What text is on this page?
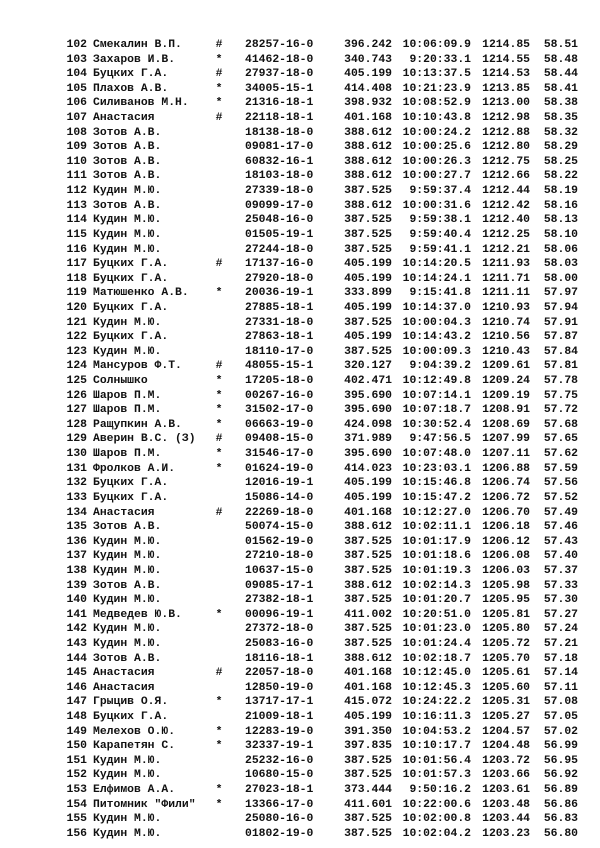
102 Смекалин В.П.	#	28257-16-0	396.242 10:06:09.9 1214.85	58.51
103 Захаров И.В.	*	41462-18-0	340.743	9:20:33.1 1214.55	58.48
104 Буцких Г.А.	#	27937-18-0	405.199 10:13:37.5 1214.53	58.44
105 Плахов А.В.	*	34005-15-1	414.408 10:21:23.9 1213.85	58.41
106 Силиванов М.Н.	*	21316-18-1	398.932 10:08:52.9 1213.00	58.38
107 Анастасия	#	22118-18-1	401.168 10:10:43.8 1212.98	58.35
108 Зотов А.В.	18138-18-0	388.612 10:00:24.2 1212.88	58.32
109 Зотов А.В.	09081-17-0	388.612 10:00:25.6 1212.80	58.29
110 Зотов А.В.	60832-16-1	388.612 10:00:26.3 1212.75	58.25
111 Зотов А.В.	18103-18-0	388.612 10:00:27.7 1212.66	58.22
112 Кудин М.Ю.	27339-18-0	387.525	9:59:37.4 1212.44	58.19
113 Зотов А.В.	09099-17-0	388.612 10:00:31.6 1212.42	58.16
114 Кудин М.Ю.	25048-16-0	387.525	9:59:38.1 1212.40	58.13
115 Кудин М.Ю.	01505-19-1	387.525	9:59:40.4 1212.25	58.10
116 Кудин М.Ю.	27244-18-0	387.525	9:59:41.1 1212.21	58.06
117 Буцких Г.А.	#	17137-16-0	405.199 10:14:20.5 1211.93	58.03
118 Буцких Г.А.	27920-18-0	405.199 10:14:24.1 1211.71	58.00
119 Матюшенко А.В.	*	20036-19-1	333.899	9:15:41.8 1211.11	57.97
120 Буцких Г.А.	27885-18-1	405.199 10:14:37.0 1210.93	57.94
121 Кудин М.Ю.	27331-18-0	387.525 10:00:04.3 1210.74	57.91
122 Буцких Г.А.	27863-18-1	405.199 10:14:43.2 1210.56	57.87
123 Кудин М.Ю.	18110-17-0	387.525 10:00:09.3 1210.43	57.84
124 Мансуров Ф.Т.	#	48055-15-1	320.127	9:04:39.2 1209.61	57.81
125 Солнышко	*	17205-18-0	402.471 10:12:49.8 1209.24	57.78
126 Шаров П.М.	*	00267-16-0	395.690 10:07:14.1 1209.19	57.75
127 Шаров П.М.	*	31502-17-0	395.690 10:07:18.7 1208.91	57.72
128 Ращупкин А.В.	*	06663-19-0	424.098 10:30:52.4 1208.69	57.68
129 Аверин В.С. (З)	#	09408-15-0	371.989	9:47:56.5 1207.99	57.65
130 Шаров П.М.	*	31546-17-0	395.690 10:07:48.0 1207.11	57.62
131 Фролков А.И.	*	01624-19-0	414.023 10:23:03.1 1206.88	57.59
132 Буцких Г.А.	12016-19-1	405.199 10:15:46.8 1206.74	57.56
133 Буцких Г.А.	15086-14-0	405.199 10:15:47.2 1206.72	57.52
134 Анастасия	#	22269-18-0	401.168 10:12:27.0 1206.70	57.49
135 Зотов А.В.	50074-15-0	388.612 10:02:11.1 1206.18	57.46
136 Кудин М.Ю.	01562-19-0	387.525 10:01:17.9 1206.12	57.43
137 Кудин М.Ю.	27210-18-0	387.525 10:01:18.6 1206.08	57.40
138 Кудин М.Ю.	10637-15-0	387.525 10:01:19.3 1206.03	57.37
139 Зотов А.В.	09085-17-1	388.612 10:02:14.3 1205.98	57.33
140 Кудин М.Ю.	27382-18-1	387.525 10:01:20.7 1205.95	57.30
141 Медведев Ю.В.	*	00096-19-1	411.002 10:20:51.0 1205.81	57.27
142 Кудин М.Ю.	27372-18-0	387.525 10:01:23.0 1205.80	57.24
143 Кудин М.Ю.	25083-16-0	387.525 10:01:24.4 1205.72	57.21
144 Зотов А.В.	18116-18-1	388.612 10:02:18.7 1205.70	57.18
145 Анастасия	#	22057-18-0	401.168 10:12:45.0 1205.61	57.14
146 Анастасия	12850-19-0	401.168 10:12:45.3 1205.60	57.11
147 Грыцив О.Я.	*	13717-17-1	415.072 10:24:22.2 1205.31	57.08
148 Буцких Г.А.	21009-18-1	405.199 10:16:11.3 1205.27	57.05
149 Мелехов О.Ю.	*	12283-19-0	391.350 10:04:53.2 1204.57	57.02
150 Карапетян С.	*	32337-19-1	397.835 10:10:17.7 1204.48	56.99
151 Кудин М.Ю.	25232-16-0	387.525 10:01:56.4 1203.72	56.95
152 Кудин М.Ю.	10680-15-0	387.525 10:01:57.3 1203.66	56.92
153 Елфимов А.А.	*	27023-18-1	373.444	9:50:16.2 1203.61	56.89
154 Питомник "Фили"	*	13366-17-0	411.601 10:22:00.6 1203.48	56.86
155 Кудин М.Ю.	25080-16-0	387.525 10:02:00.8 1203.44	56.83
156 Кудин М.Ю.	01802-19-0	387.525 10:02:04.2 1203.23	56.80
